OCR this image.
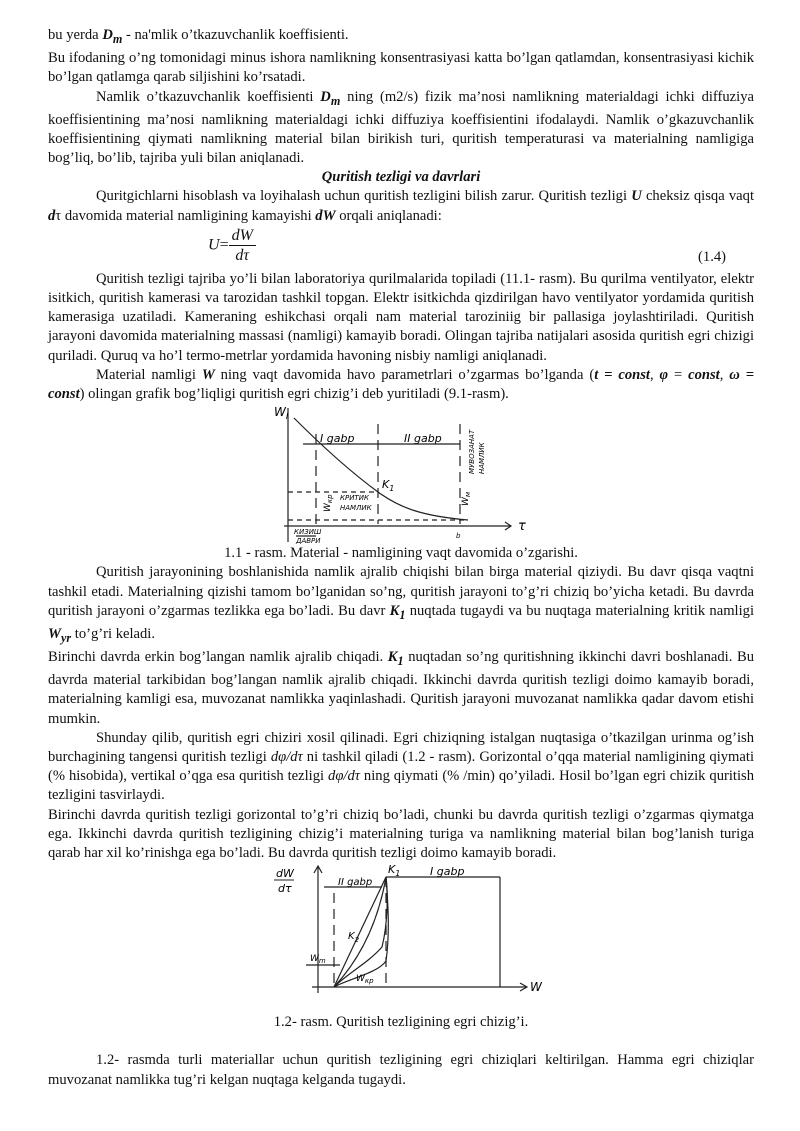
bu yerda $D_m$ - na'mlik o’tkazuvchanlik koeffisienti.

Bu ifodaning o’ng tomonidagi minus ishora namlikning konsentrasiyasi katta bo’lgan qatlamdan, konsentrasiyasi kichik bo’lgan qatlamga qarab siljishini ko’rsatadi.

Namlik o’tkazuvchanlik koeffisienti $D_m$ ning (m2/s) fizik ma’nosi namlikning materialdagi ichki diffuziya koeffisientining ma’nosi namlikning materialdagi ichki diffuziya koeffisientini ifodalaydi. Namlik o’gkazuvchanlik koeffisientining qiymati namlikning material bilan birikish turi, quritish temperaturasi va materialning namligiga bog’liq, bo’lib, tajriba yuli bilan aniqlanadi.

Quritish tezligi va davrlari

Quritgichlarni hisoblash va loyihalash uchun quritish tezligini bilish zarur. Quritish tezligi U cheksiz qisqa vaqt dτ davomida material namligining kamayishi dW orqali aniqlanadi:

$U= \frac{dW}{d\tau}$	(1.4)

Quritish tezligi tajriba yo’li bilan laboratoriya qurilmalarida topiladi (11.1- rasm). Bu qurilma ventilyator, elektr isitkich, quritish kamerasi va tarozidan tashkil topgan. Elektr isitkichda qizdirilgan havo ventilyator yordamida quritish kamerasiga uzatiladi. Kameraning eshikchasi orqali nam material taroziniig bir pallasiga joylashtiriladi. Quritish jarayoni davomida materialning massasi (namligi) kamayib boradi. Olingan tajriba natijalari asosida quritish egri chizigi quriladi. Quruq va ho’l termo-metrlar yordamida havoning nisbiy namligi aniqlanadi.

Material namligi W ning vaqt davomida havo parametrlari o’zgarmas bo’lganda (t = const, φ = const, ω = const) olingan grafik bog’liqligi quritish egri chizig’i deb yuritiladi (9.1-rasm).

$W_I$
τ
I gabp	II gabp
$K_1$
$W_{кр}$ КРИТИК
НАМЛИК
$W_м$
МУВОЗАНАТ НАМЛИК
КИЗИШ
ДАВРИ
b

1.1 - rasm. Material - namligining vaqt davomida o’zgarishi.

Quritish jarayonining boshlanishida namlik ajralib chiqishi bilan birga material qiziydi. Bu davr qisqa vaqtni tashkil etadi. Materialning qizishi tamom bo’lganidan so’ng, quritish jarayoni to’g’ri chiziq bo’yicha ketadi. Bu davrda quritish jarayoni o’zgarmas tezlikka ega bo’ladi. Bu davr $K_1$ nuqtada tugaydi va bu nuqtaga materialning kritik namligi $W_{yr}$ to’g’ri keladi.

Birinchi davrda erkin bog’langan namlik ajralib chiqadi. $K_1$ nuqtadan so’ng quritishning ikkinchi davri boshlanadi. Bu davrda material tarkibidan bog’langan namlik ajralib chiqadi. Ikkinchi davrda quritish tezligi doimo kamayib boradi, materialning kamligi esa, muvozanat namlikka yaqinlashadi. Quritish jarayoni muvozanat namlikka qadar davom etishi mumkin.

Shunday qilib, quritish egri chiziri xosil qilinadi. Egri chiziqning istalgan nuqtasiga o’tkazilgan urinma og’ish burchagining tangensi quritish tezligi dφ/dτ ni tashkil qiladi (1.2 - rasm). Gorizontal o’qqa material namligining qiymati (% hisobida), vertikal o’qga esa quritish tezligi dφ/dτ ning qiymati (% /min) qo’yiladi. Hosil bo’lgan egri chizik quritish tezligini tasvirlaydi.

Birinchi davrda quritish tezligi gorizontal to’g’ri chiziq bo’ladi, chunki bu davrda quritish tezligi o’zgarmas qiymatga ega. Ikkinchi davrda quritish tezligining chizig’i materialning turiga va namlikning material bilan bog’lanish turiga qarab har xil ko’rinishga ega bo’ladi. Bu davrda quritish tezligi doimo kamayib boradi.

dW
dτ
W
I gabp
II gabp
$K_1$
$K_2$
$W_m$
$W_{кр}$

1.2- rasm. Quritish tezligining egri chizig’i.

1.2- rasmda turli materiallar uchun quritish tezligining egri chiziqlari keltirilgan. Hamma egri chiziqlar muvozanat namlikka tug’ri kelgan nuqtaga kelganda tugaydi.
